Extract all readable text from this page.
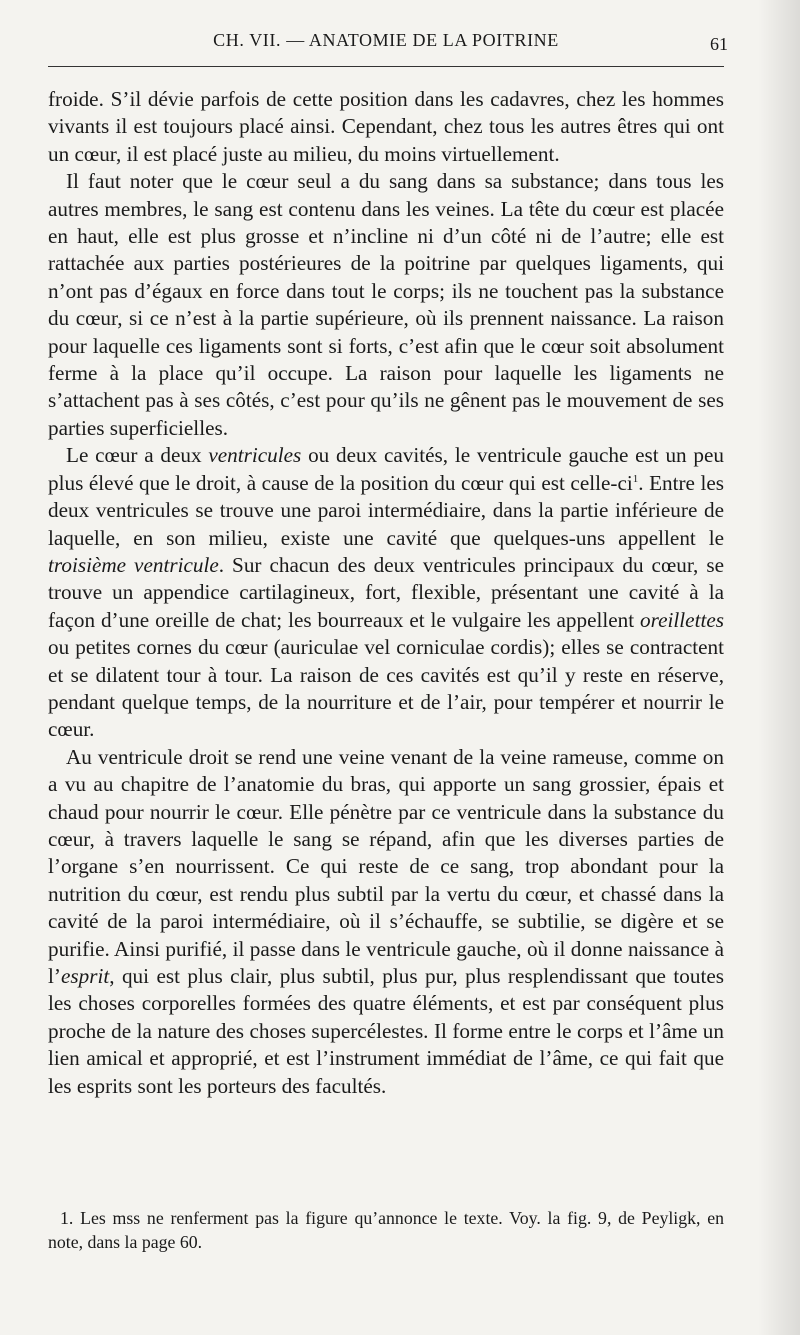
CH. VII. — ANATOMIE DE LA POITRINE	61

froide. S’il dévie parfois de cette position dans les cadavres, chez les hommes vivants il est toujours placé ainsi. Cependant, chez tous les autres êtres qui ont un cœur, il est placé juste au milieu, du moins virtuellement.

Il faut noter que le cœur seul a du sang dans sa substance; dans tous les autres membres, le sang est contenu dans les veines. La tête du cœur est placée en haut, elle est plus grosse et n’incline ni d’un côté ni de l’autre; elle est rattachée aux parties postérieures de la poitrine par quelques ligaments, qui n’ont pas d’égaux en force dans tout le corps; ils ne touchent pas la substance du cœur, si ce n’est à la partie supérieure, où ils prennent naissance. La raison pour laquelle ces ligaments sont si forts, c’est afin que le cœur soit absolument ferme à la place qu’il occupe. La raison pour laquelle les ligaments ne s’attachent pas à ses côtés, c’est pour qu’ils ne gênent pas le mouvement de ses parties superficielles.

Le cœur a deux ventricules ou deux cavités, le ventricule gauche est un peu plus élevé que le droit, à cause de la position du cœur qui est celle-$ci^1$. Entre les deux ventricules se trouve une paroi intermédiaire, dans la partie inférieure de laquelle, en son milieu, existe une cavité que quelques-uns appellent le troisième ventricule. Sur chacun des deux ventricules principaux du cœur, se trouve un appendice cartilagineux, fort, flexible, présentant une cavité à la façon d’une oreille de chat; les bourreaux et le vulgaire les appellent oreillettes ou petites cornes du cœur (auriculae vel corniculae cordis); elles se contractent et se dilatent tour à tour. La raison de ces cavités est qu’il y reste en réserve, pendant quelque temps, de la nourriture et de l’air, pour tempérer et nourrir le cœur.

Au ventricule droit se rend une veine venant de la veine rameuse, comme on a vu au chapitre de l’anatomie du bras, qui apporte un sang grossier, épais et chaud pour nourrir le cœur. Elle pénètre par ce ventricule dans la substance du cœur, à travers laquelle le sang se répand, afin que les diverses parties de l’organe s’en nourrissent. Ce qui reste de ce sang, trop abondant pour la nutrition du cœur, est rendu plus subtil par la vertu du cœur, et chassé dans la cavité de la paroi intermédiaire, où il s’échauffe, se subtilie, se digère et se purifie. Ainsi purifié, il passe dans le ventricule gauche, où il donne naissance à l’esprit, qui est plus clair, plus subtil, plus pur, plus resplendissant que toutes les choses corporelles formées des quatre éléments, et est par conséquent plus proche de la nature des choses supercélestes. Il forme entre le corps et l’âme un lien amical et approprié, et est l’instrument immédiat de l’âme, ce qui fait que les esprits sont les porteurs des facultés.

1. Les mss ne renferment pas la figure qu’annonce le texte. Voy. la fig. 9, de Peyligk, en note, dans la page 60.
